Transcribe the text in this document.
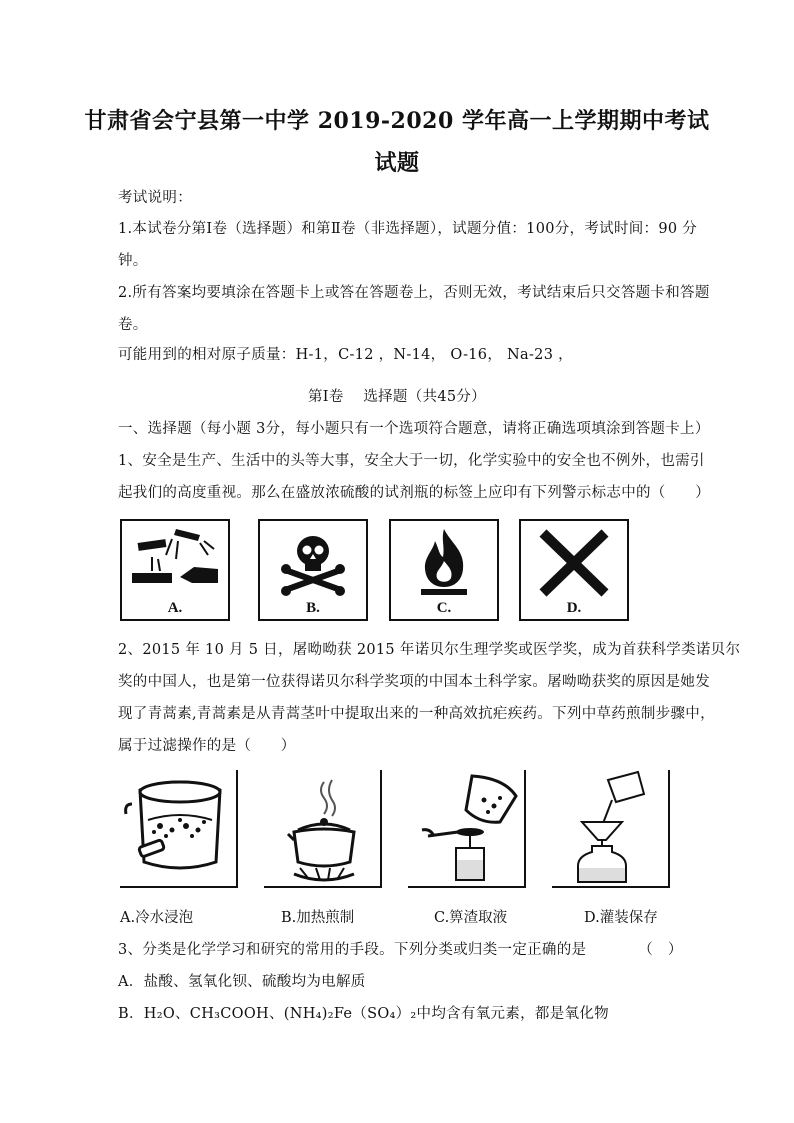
甘肃省会宁县第一中学 2019-2020 学年高一上学期期中考试
试题
考试说明：
1.本试卷分第Ⅰ卷（选择题）和第Ⅱ卷（非选择题），试题分值：100分，考试时间：90 分
钟。
2.所有答案均要填涂在答题卡上或答在答题卷上，否则无效，考试结束后只交答题卡和答题
卷。
可能用到的相对原子质量：H-1，C-12 ，N-14， O-16， Na-23 ，
第Ⅰ卷　 选择题（共45分）
一、选择题（每小题 3分，每小题只有一个选项符合题意，请将正确选项填涂到答题卡上）
1、安全是生产、生活中的头等大事，安全大于一切，化学实验中的安全也不例外，也需引
起我们的高度重视。那么在盛放浓硫酸的试剂瓶的标签上应印有下列警示标志中的（　　）
A.	B.	C.	D.
2、2015 年 10 月 5 日，屠呦呦获 2015 年诺贝尔生理学奖或医学奖，成为首获科学类诺贝尔
奖的中国人，也是第一位获得诺贝尔科学奖项的中国本土科学家。屠呦呦获奖的原因是她发
现了青蒿素,青蒿素是从青蒿茎叶中提取出来的一种高效抗疟疾药。下列中草药煎制步骤中，
属于过滤操作的是（　　）
A.冷水浸泡	B.加热煎制	C.箅渣取液	D.灌装保存
3、分类是化学学习和研究的常用的手段。下列分类或归类一定正确的是　　　　（　）
A．盐酸、氢氧化钡、硫酸均为电解质
B．H₂O、CH₃COOH、(NH₄)₂Fe（SO₄）₂中均含有氧元素，都是氧化物
